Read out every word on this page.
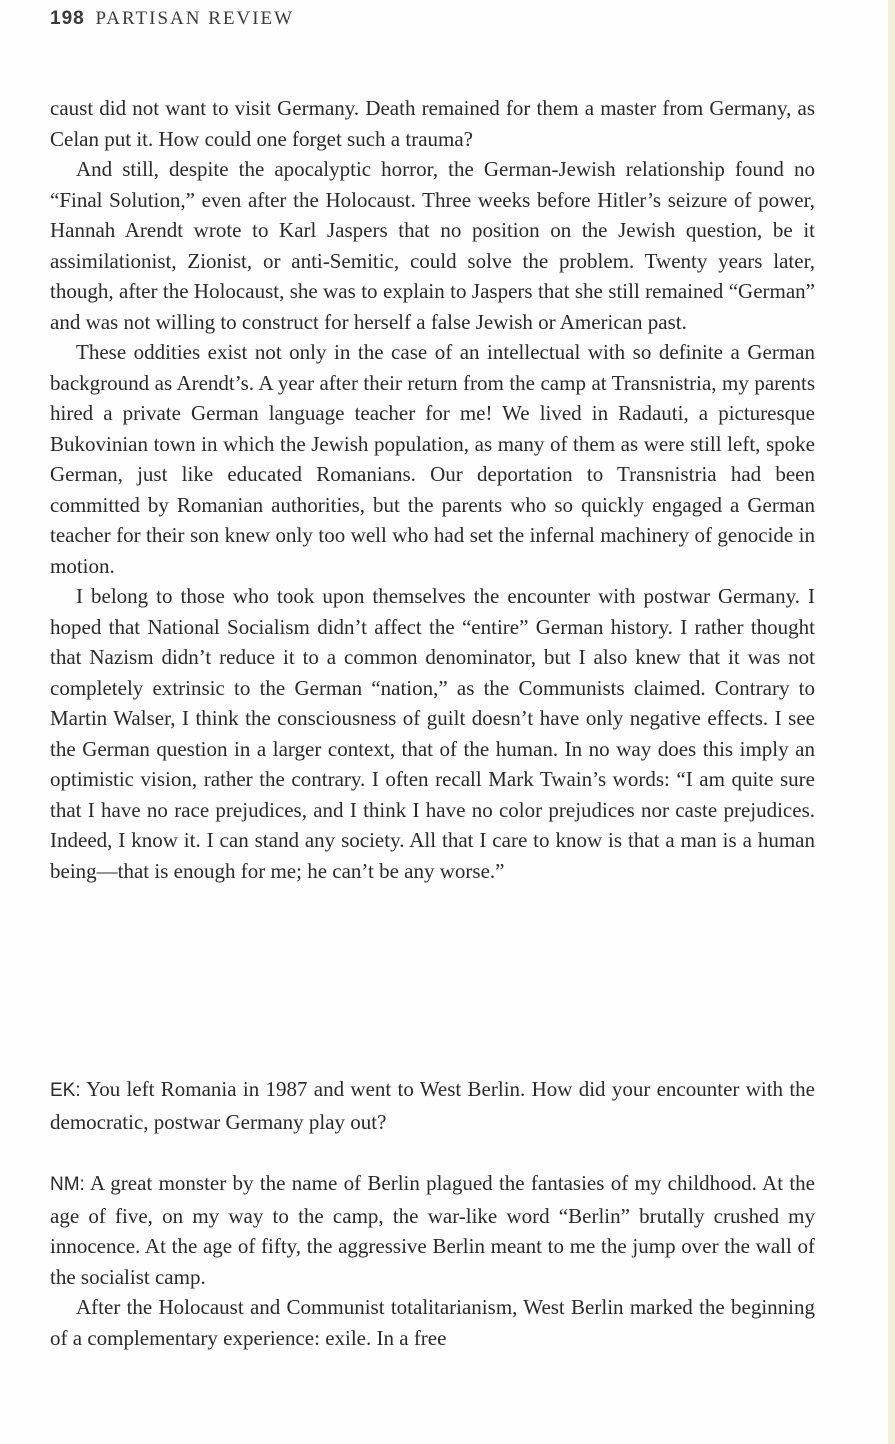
198 PARTISAN REVIEW

caust did not want to visit Germany. Death remained for them a master from Germany, as Celan put it. How could one forget such a trauma?

And still, despite the apocalyptic horror, the German-Jewish relationship found no “Final Solution,” even after the Holocaust. Three weeks before Hitler’s seizure of power, Hannah Arendt wrote to Karl Jaspers that no position on the Jewish question, be it assimilationist, Zionist, or anti-Semitic, could solve the problem. Twenty years later, though, after the Holocaust, she was to explain to Jaspers that she still remained “German” and was not willing to construct for herself a false Jewish or American past.

These oddities exist not only in the case of an intellectual with so definite a German background as Arendt’s. A year after their return from the camp at Transnistria, my parents hired a private German language teacher for me! We lived in Radauti, a picturesque Bukovinian town in which the Jewish population, as many of them as were still left, spoke German, just like educated Romanians. Our deportation to Transnistria had been committed by Romanian authorities, but the parents who so quickly engaged a German teacher for their son knew only too well who had set the infernal machinery of genocide in motion.

I belong to those who took upon themselves the encounter with postwar Germany. I hoped that National Socialism didn’t affect the “entire” German history. I rather thought that Nazism didn’t reduce it to a common denominator, but I also knew that it was not completely extrinsic to the German “nation,” as the Communists claimed. Contrary to Martin Walser, I think the consciousness of guilt doesn’t have only negative effects. I see the German question in a larger context, that of the human. In no way does this imply an optimistic vision, rather the contrary. I often recall Mark Twain’s words: “I am quite sure that I have no race prejudices, and I think I have no color prejudices nor caste prejudices. Indeed, I know it. I can stand any society. All that I care to know is that a man is a human being—that is enough for me; he can’t be any worse.”

EK: You left Romania in 1987 and went to West Berlin. How did your encounter with the democratic, postwar Germany play out?

NM: A great monster by the name of Berlin plagued the fantasies of my childhood. At the age of five, on my way to the camp, the war-like word “Berlin” brutally crushed my innocence. At the age of fifty, the aggressive Berlin meant to me the jump over the wall of the socialist camp.

After the Holocaust and Communist totalitarianism, West Berlin marked the beginning of a complementary experience: exile. In a free
